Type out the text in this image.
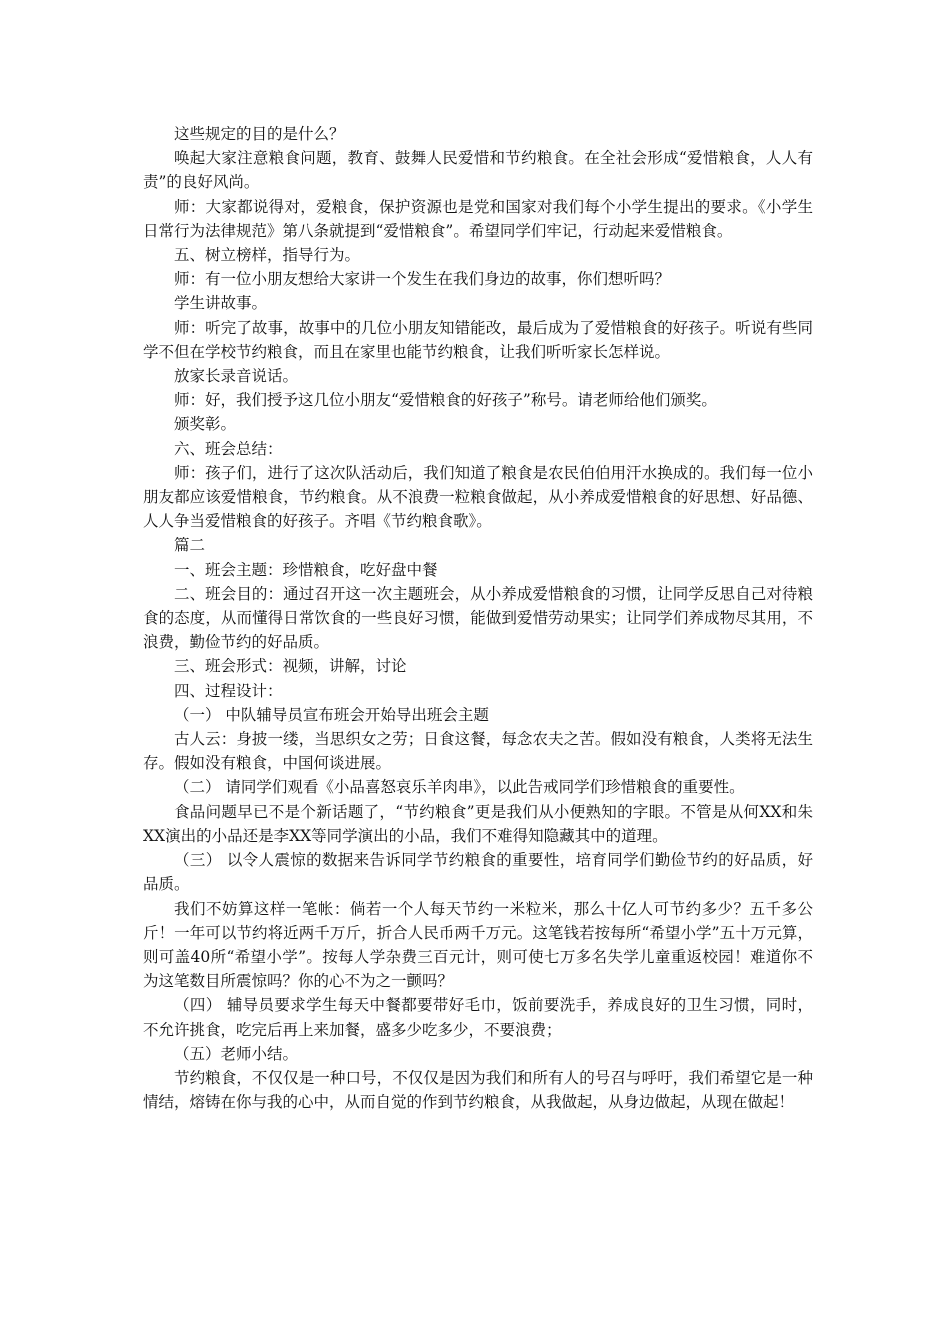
这些规定的目的是什么？

唤起大家注意粮食问题，教育、鼓舞人民爱惜和节约粮食。在全社会形成“爱惜粮食，人人有责”的良好风尚。

师：大家都说得对，爱粮食，保护资源也是党和国家对我们每个小学生提出的要求。《小学生日常行为法律规范》第八条就提到“爱惜粮食”。希望同学们牢记，行动起来爱惜粮食。

五、树立榜样，指导行为。

师：有一位小朋友想给大家讲一个发生在我们身边的故事，你们想听吗？

学生讲故事。

师：听完了故事，故事中的几位小朋友知错能改，最后成为了爱惜粮食的好孩子。听说有些同学不但在学校节约粮食，而且在家里也能节约粮食，让我们听听家长怎样说。

放家长录音说话。

师：好，我们授予这几位小朋友“爱惜粮食的好孩子”称号。请老师给他们颁奖。

颁奖彰。

六、班会总结：

师：孩子们，进行了这次队活动后，我们知道了粮食是农民伯伯用汗水换成的。我们每一位小朋友都应该爱惜粮食，节约粮食。从不浪费一粒粮食做起，从小养成爱惜粮食的好思想、好品德、人人争当爱惜粮食的好孩子。齐唱《节约粮食歌》。

篇二

一、班会主题：珍惜粮食，吃好盘中餐

二、班会目的：通过召开这一次主题班会，从小养成爱惜粮食的习惯，让同学反思自己对待粮食的态度，从而懂得日常饮食的一些良好习惯，能做到爱惜劳动果实；让同学们养成物尽其用，不浪费，勤俭节约的好品质。

三、班会形式：视频，讲解，讨论

四、过程设计：

（一） 中队辅导员宣布班会开始导出班会主题

古人云：身披一缕，当思织女之劳；日食这餐，每念农夫之苦。假如没有粮食，人类将无法生存。假如没有粮食，中国何谈进展。

（二） 请同学们观看《小品喜怒哀乐羊肉串》，以此告戒同学们珍惜粮食的重要性。

食品问题早已不是个新话题了，“节约粮食”更是我们从小便熟知的字眼。不管是从何XX和朱XX演出的小品还是李XX等同学演出的小品，我们不难得知隐藏其中的道理。

（三） 以令人震惊的数据来告诉同学节约粮食的重要性，培育同学们勤俭节约的好品质，好品质。

我们不妨算这样一笔帐：倘若一个人每天节约一米粒米，那么十亿人可节约多少？五千多公斤！一年可以节约将近两千万斤，折合人民币两千万元。这笔钱若按每所“希望小学”五十万元算，则可盖40所“希望小学”。按每人学杂费三百元计，则可使七万多名失学儿童重返校园！难道你不为这笔数目所震惊吗？你的心不为之一颤吗？

（四） 辅导员要求学生每天中餐都要带好毛巾，饭前要洗手，养成良好的卫生习惯，同时，不允许挑食，吃完后再上来加餐，盛多少吃多少，不要浪费；

（五）老师小结。

节约粮食，不仅仅是一种口号，不仅仅是因为我们和所有人的号召与呼吁，我们希望它是一种情结，熔铸在你与我的心中，从而自觉的作到节约粮食，从我做起，从身边做起，从现在做起！
